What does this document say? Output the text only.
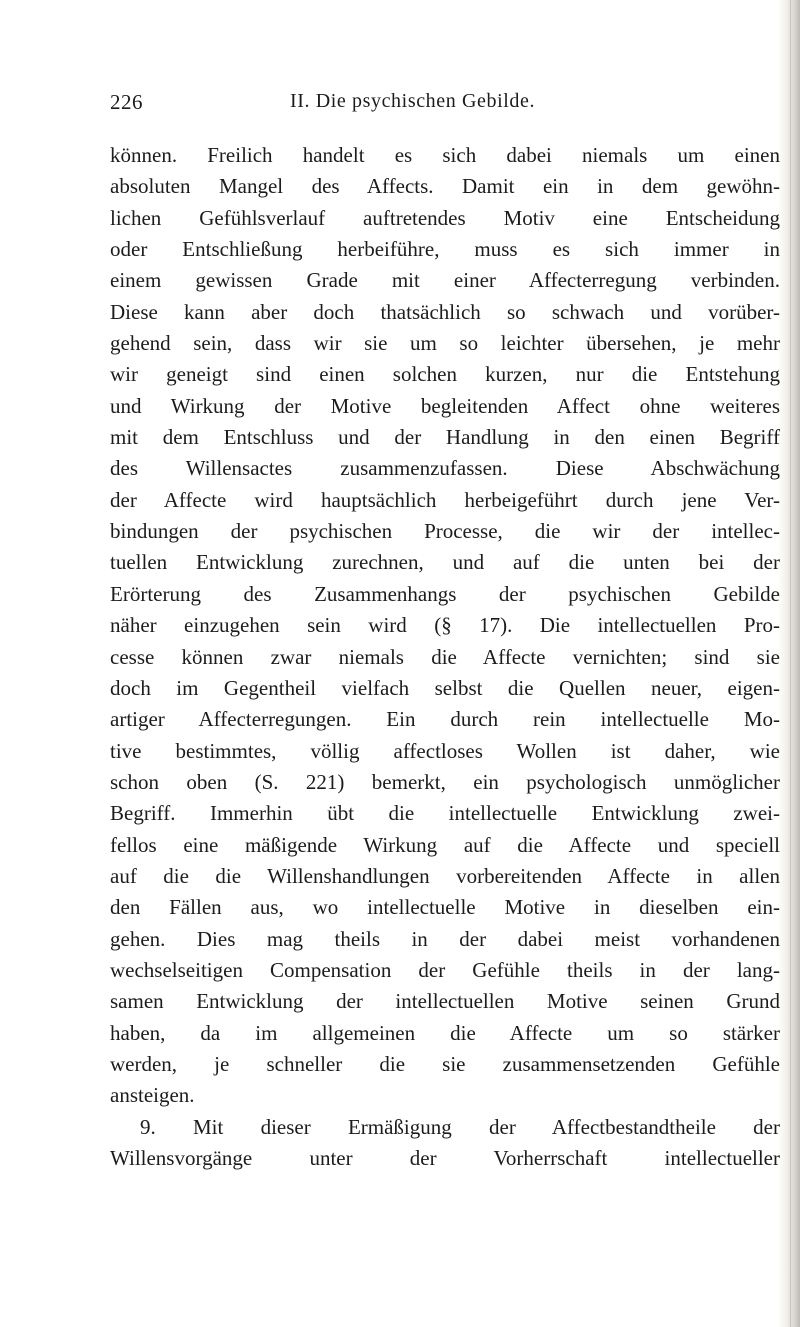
226	II. Die psychischen Gebilde.
können. Freilich handelt es sich dabei niemals um einen
absoluten Mangel des Affects. Damit ein in dem gewöhn-
lichen Gefühlsverlauf auftretendes Motiv eine Entscheidung
oder Entschließung herbeiführe, muss es sich immer in
einem gewissen Grade mit einer Affecterregung verbinden.
Diese kann aber doch thatsächlich so schwach und vorüber-
gehend sein, dass wir sie um so leichter übersehen, je mehr
wir geneigt sind einen solchen kurzen, nur die Entstehung
und Wirkung der Motive begleitenden Affect ohne weiteres
mit dem Entschluss und der Handlung in den einen Begriff
des Willensactes zusammenzufassen. Diese Abschwächung
der Affecte wird hauptsächlich herbeigeführt durch jene Ver-
bindungen der psychischen Processe, die wir der intellec-
tuellen Entwicklung zurechnen, und auf die unten bei der
Erörterung des Zusammenhangs der psychischen Gebilde
näher einzugehen sein wird (§ 17). Die intellectuellen Pro-
cesse können zwar niemals die Affecte vernichten; sind sie
doch im Gegentheil vielfach selbst die Quellen neuer, eigen-
artiger Affecterregungen. Ein durch rein intellectuelle Mo-
tive bestimmtes, völlig affectloses Wollen ist daher, wie
schon oben (S. 221) bemerkt, ein psychologisch unmöglicher
Begriff. Immerhin übt die intellectuelle Entwicklung zwei-
fellos eine mäßigende Wirkung auf die Affecte und speciell
auf die die Willenshandlungen vorbereitenden Affecte in allen
den Fällen aus, wo intellectuelle Motive in dieselben ein-
gehen. Dies mag theils in der dabei meist vorhandenen
wechselseitigen Compensation der Gefühle theils in der lang-
samen Entwicklung der intellectuellen Motive seinen Grund
haben, da im allgemeinen die Affecte um so stärker
werden, je schneller die sie zusammensetzenden Gefühle
ansteigen.
9. Mit dieser Ermäßigung der Affectbestandtheile der
Willensvorgänge unter der Vorherrschaft intellectueller
